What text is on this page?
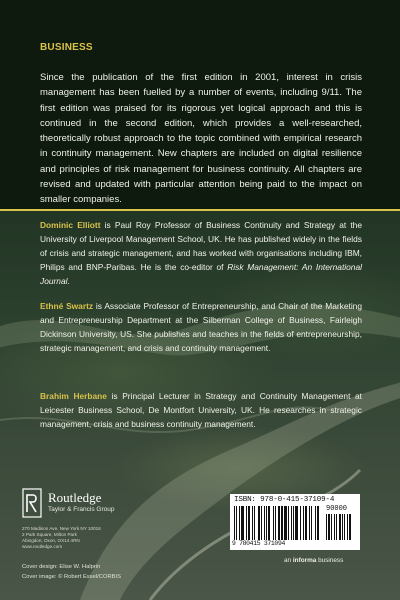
BUSINESS
Since the publication of the first edition in 2001, interest in crisis management has been fuelled by a number of events, including 9/11. The first edition was praised for its rigorous yet logical approach and this is continued in the second edition, which provides a well-researched, theoretically robust approach to the topic combined with empirical research in continuity management. New chapters are included on digital resilience and principles of risk management for business continuity. All chapters are revised and updated with particular attention being paid to the impact on smaller companies.
Dominic Elliott is Paul Roy Professor of Business Continuity and Strategy at the University of Liverpool Management School, UK. He has published widely in the fields of crisis and strategic management, and has worked with organisations including IBM, Philips and BNP-Paribas. He is the co-editor of Risk Management: An International Journal.
Ethné Swartz is Associate Professor of Entrepreneurship, and Chair of the Marketing and Entrepreneurship Department at the Silberman College of Business, Fairleigh Dickinson University, US. She publishes and teaches in the fields of entrepreneurship, strategic management, and crisis and continuity management.
Brahim Herbane is Principal Lecturer in Strategy and Continuity Management at Leicester Business School, De Montfort University, UK. He researches in strategic management, crisis and business continuity management.
Routledge
Taylor & Francis Group
270 Madison Ave, New York NY 10016
2 Park Square, Milton Park
Abingdon, Oxon, OX14 4RN
www.routledge.com
Cover design: Elise W. Halprin
Cover image: © Robert Essel/CORBIS
ISBN: 978-0-415-37109-4
90000
9 780415 371094
an informa business
